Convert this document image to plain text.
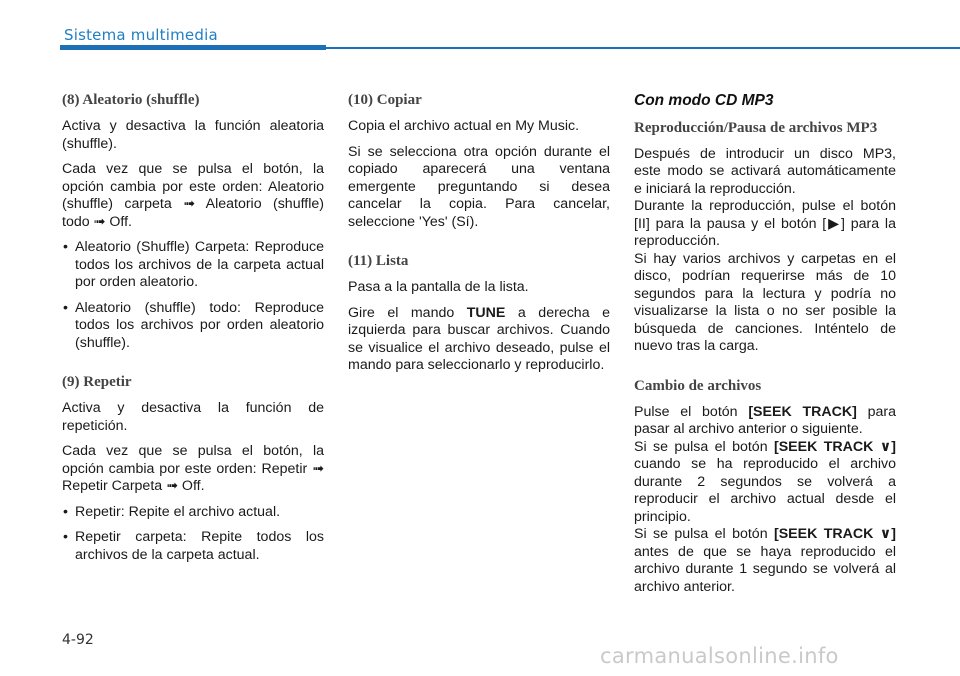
Sistema multimedia
(8) Aleatorio (shuffle)

Activa y desactiva la función aleatoria (shuffle).

Cada vez que se pulsa el botón, la opción cambia por este orden: Aleatorio (shuffle) carpeta ➟ Aleatorio (shuffle) todo ➟ Off.

• Aleatorio (Shuffle) Carpeta: Reproduce todos los archivos de la carpeta actual por orden aleatorio.
• Aleatorio (shuffle) todo: Reproduce todos los archivos por orden aleatorio (shuffle).
(9) Repetir

Activa y desactiva la función de repetición.

Cada vez que se pulsa el botón, la opción cambia por este orden: Repetir ➟ Repetir Carpeta ➟ Off.

• Repetir: Repite el archivo actual.
• Repetir carpeta: Repite todos los archivos de la carpeta actual.
(10) Copiar

Copia el archivo actual en My Music.

Si se selecciona otra opción durante el copiado aparecerá una ventana emergente preguntando si desea cancelar la copia. Para cancelar, seleccione 'Yes' (Sí).

(11) Lista

Pasa a la pantalla de la lista.

Gire el mando TUNE a derecha e izquierda para buscar archivos. Cuando se visualice el archivo deseado, pulse el mando para seleccionarlo y reproducirlo.

Con modo CD MP3
Reproducción/Pausa de archivos MP3

Después de introducir un disco MP3, este modo se activará automáticamente e iniciará la reproducción.

Durante la reproducción, pulse el botón [II] para la pausa y el botón [▶] para la reproducción.

Si hay varios archivos y carpetas en el disco, podrían requerirse más de 10 segundos para la lectura y podría no visualizarse la lista o no ser posible la búsqueda de canciones. Inténtelo de nuevo tras la carga.

Cambio de archivos

Pulse el botón [SEEK TRACK] para pasar al archivo anterior o siguiente.

Si se pulsa el botón [SEEK TRACK ∨] cuando se ha reproducido el archivo durante 2 segundos se volverá a reproducir el archivo actual desde el principio.

Si se pulsa el botón [SEEK TRACK ∨] antes de que se haya reproducido el archivo durante 1 segundo se volverá al archivo anterior.

4-92
carmanualsonline.info
